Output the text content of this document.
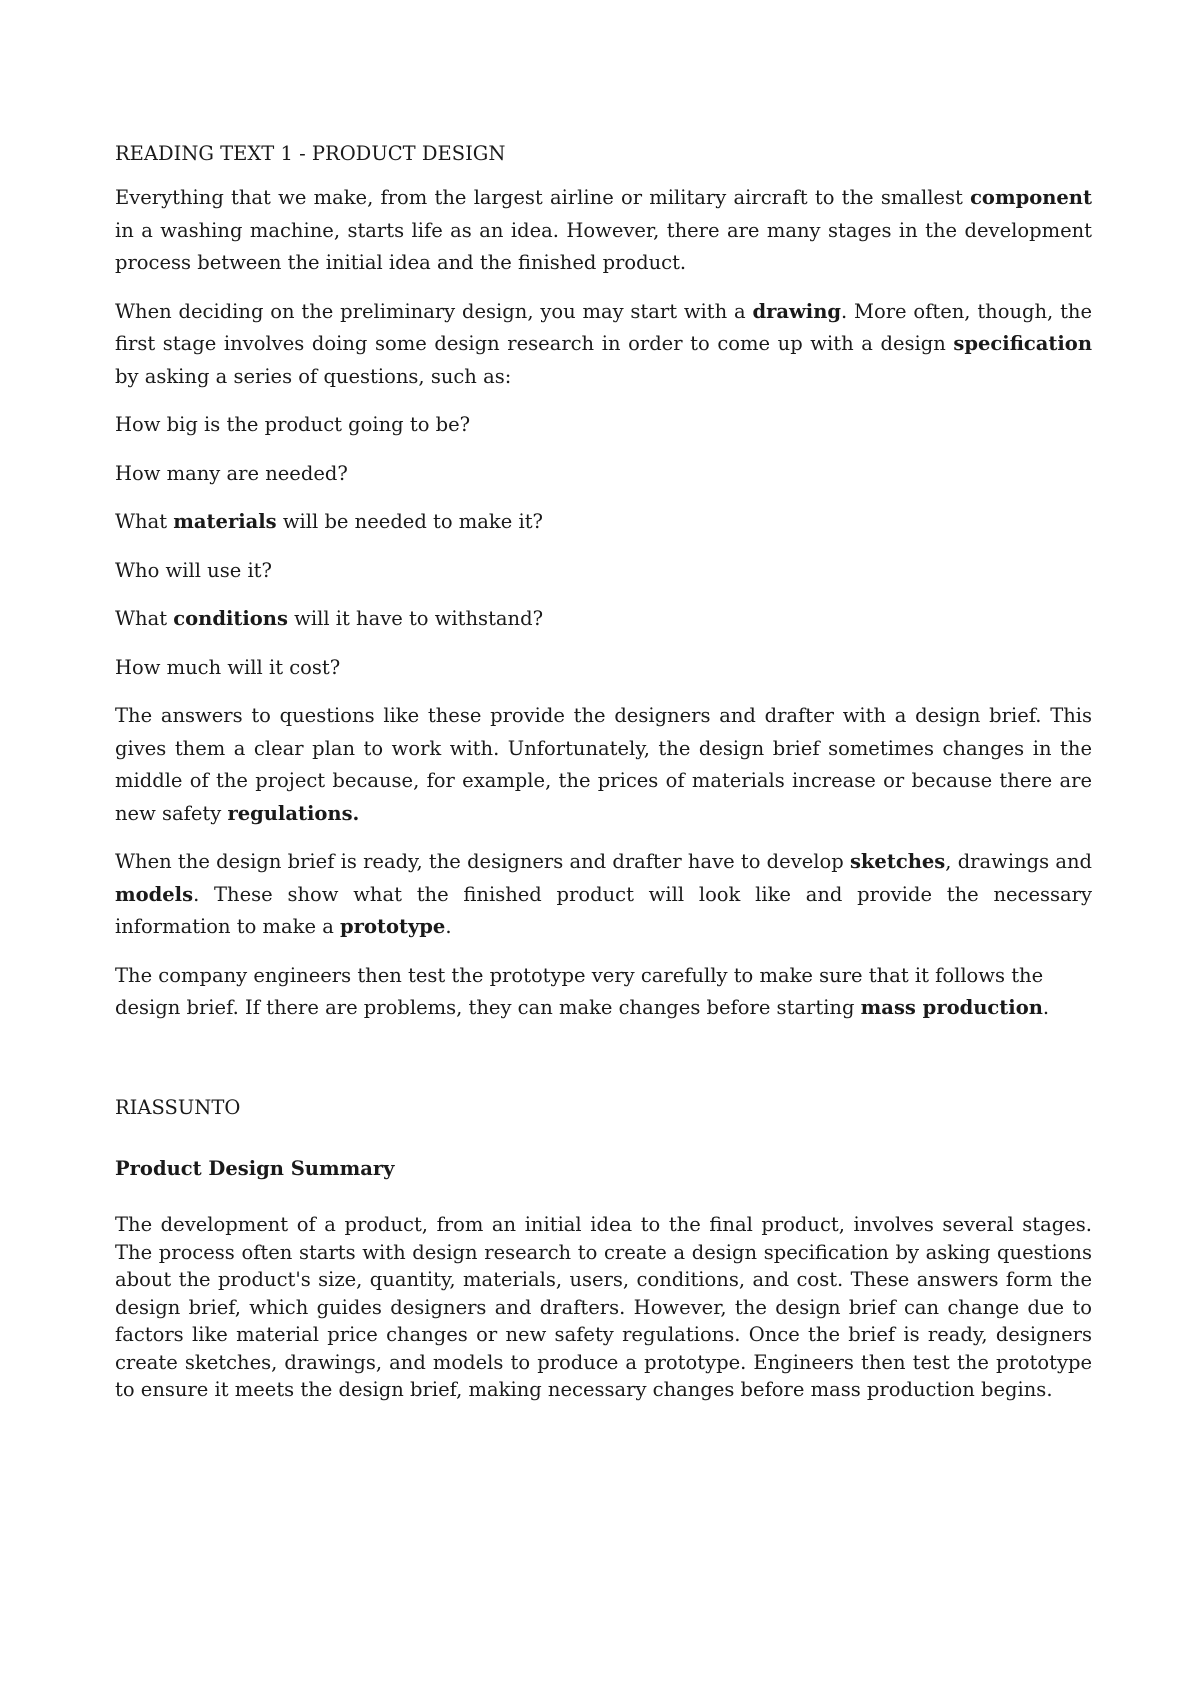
READING TEXT 1 - PRODUCT DESIGN

Everything that we make, from the largest airline or military aircraft to the smallest component in a washing machine, starts life as an idea. However, there are many stages in the development process between the initial idea and the finished product.

When deciding on the preliminary design, you may start with a drawing. More often, though, the first stage involves doing some design research in order to come up with a design specification by asking a series of questions, such as:

How big is the product going to be?

How many are needed?

What materials will be needed to make it?

Who will use it?

What conditions will it have to withstand?

How much will it cost?

The answers to questions like these provide the designers and drafter with a design brief. This gives them a clear plan to work with. Unfortunately, the design brief sometimes changes in the middle of the project because, for example, the prices of materials increase or because there are new safety regulations.

When the design brief is ready, the designers and drafter have to develop sketches, drawings and models. These show what the finished product will look like and provide the necessary information to make a prototype.

The company engineers then test the prototype very carefully to make sure that it follows the design brief. If there are problems, they can make changes before starting mass production.

RIASSUNTO

Product Design Summary

The development of a product, from an initial idea to the final product, involves several stages. The process often starts with design research to create a design specification by asking questions about the product's size, quantity, materials, users, conditions, and cost. These answers form the design brief, which guides designers and drafters. However, the design brief can change due to factors like material price changes or new safety regulations. Once the brief is ready, designers create sketches, drawings, and models to produce a prototype. Engineers then test the prototype to ensure it meets the design brief, making necessary changes before mass production begins.
